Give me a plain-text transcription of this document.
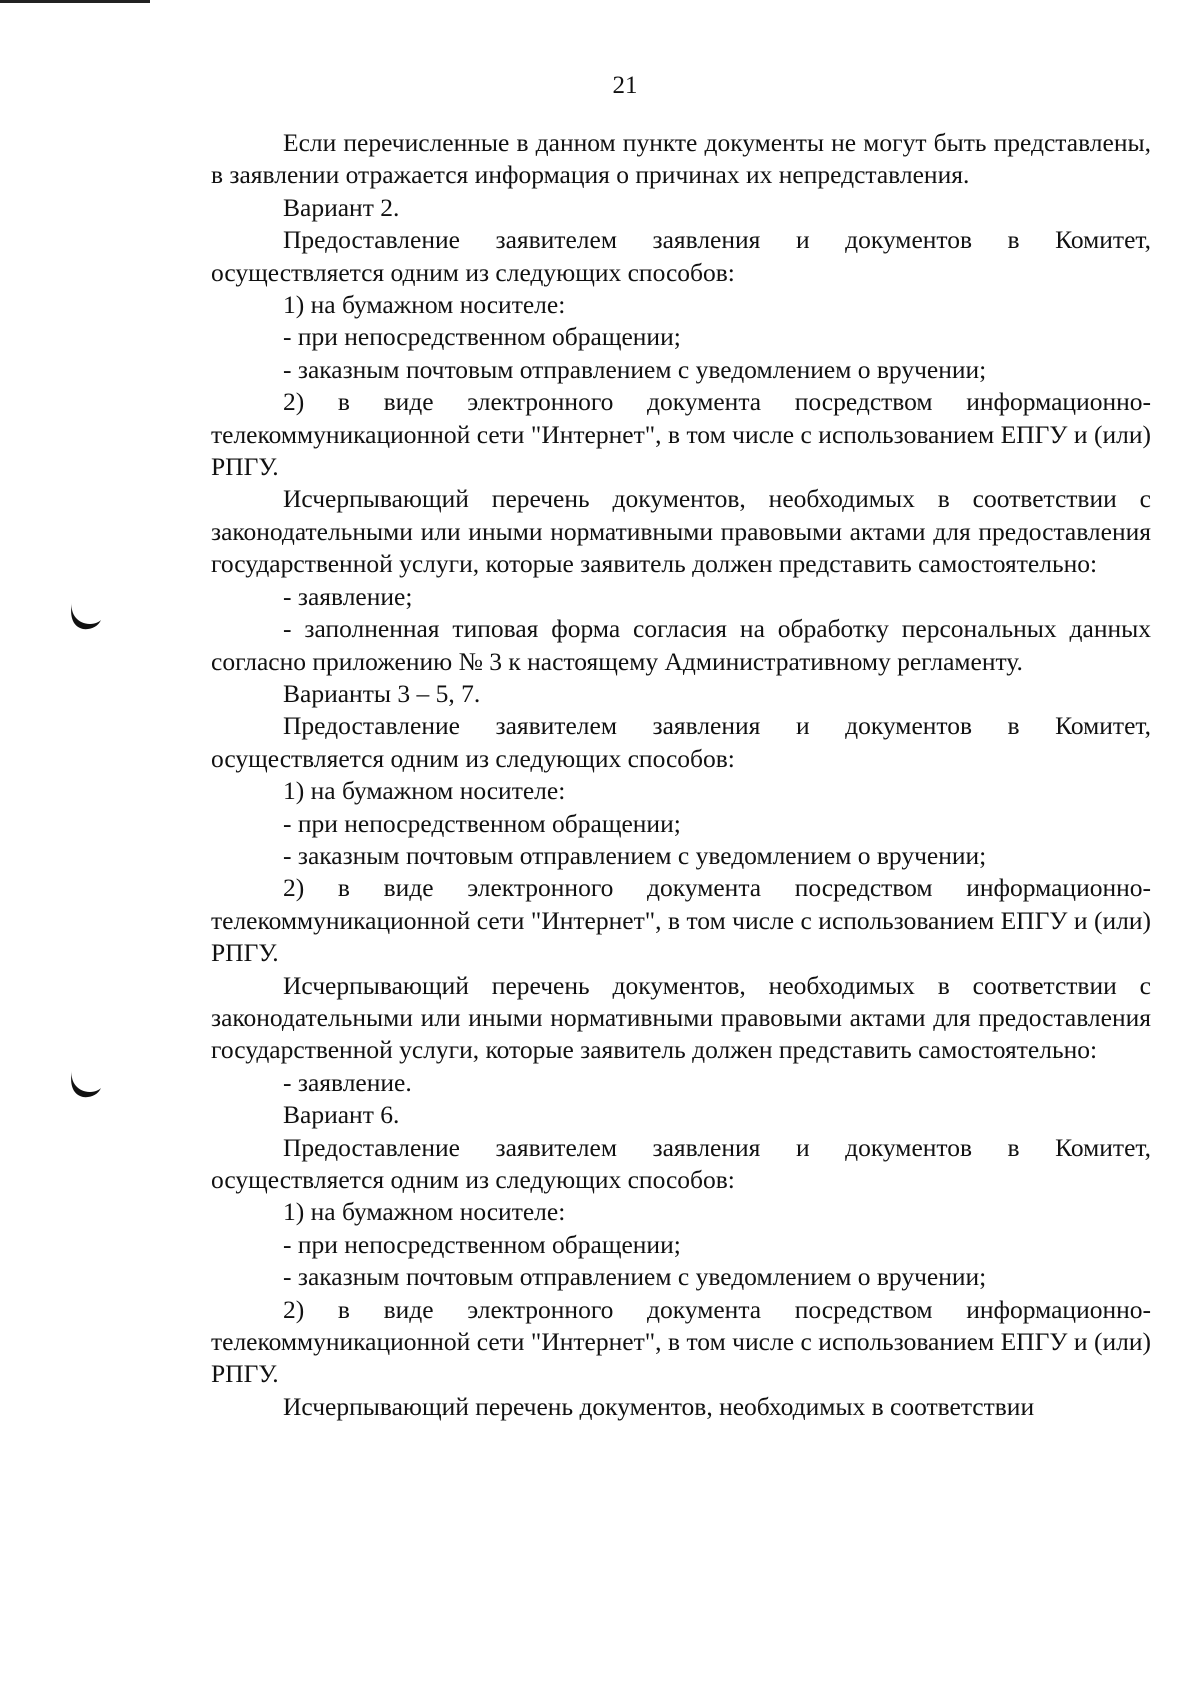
21

Если перечисленные в данном пункте документы не могут быть представлены, в заявлении отражается информация о причинах их непредставления.

Вариант 2.

Предоставление заявителем заявления и документов в Комитет, осуществляется одним из следующих способов:

1) на бумажном носителе:

- при непосредственном обращении;

- заказным почтовым отправлением с уведомлением о вручении;

2) в виде электронного документа посредством информационно-телекоммуникационной сети "Интернет", в том числе с использованием ЕПГУ и (или) РПГУ.

Исчерпывающий перечень документов, необходимых в соответствии с законодательными или иными нормативными правовыми актами для предоставления государственной услуги, которые заявитель должен представить самостоятельно:

- заявление;

- заполненная типовая форма согласия на обработку персональных данных согласно приложению № 3 к настоящему Административному регламенту.

Варианты 3 – 5, 7.

Предоставление заявителем заявления и документов в Комитет, осуществляется одним из следующих способов:

1) на бумажном носителе:

- при непосредственном обращении;

- заказным почтовым отправлением с уведомлением о вручении;

2) в виде электронного документа посредством информационно-телекоммуникационной сети "Интернет", в том числе с использованием ЕПГУ и (или) РПГУ.

Исчерпывающий перечень документов, необходимых в соответствии с законодательными или иными нормативными правовыми актами для предоставления государственной услуги, которые заявитель должен представить самостоятельно:

- заявление.

Вариант 6.

Предоставление заявителем заявления и документов в Комитет, осуществляется одним из следующих способов:

1) на бумажном носителе:

- при непосредственном обращении;

- заказным почтовым отправлением с уведомлением о вручении;

2) в виде электронного документа посредством информационно-телекоммуникационной сети "Интернет", в том числе с использованием ЕПГУ и (или) РПГУ.

Исчерпывающий перечень документов, необходимых в соответствии
